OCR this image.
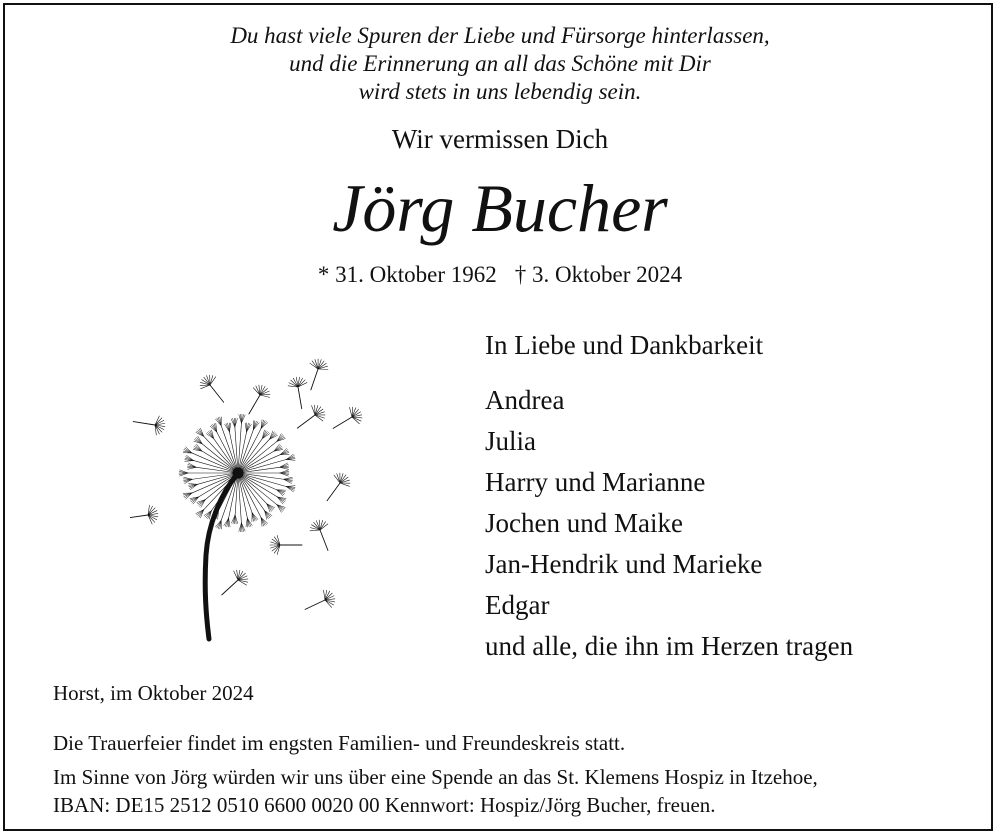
Du hast viele Spuren der Liebe und Fürsorge hinterlassen,
und die Erinnerung an all das Schöne mit Dir
wird stets in uns lebendig sein.
Wir vermissen Dich
Jörg Bucher
* 31. Oktober 1962 † 3. Oktober 2024
In Liebe und Dankbarkeit
Andrea
Julia
Harry und Marianne
Jochen und Maike
Jan-Hendrik und Marieke
Edgar
und alle, die ihn im Herzen tragen
Horst, im Oktober 2024
Die Trauerfeier findet im engsten Familien- und Freundeskreis statt.
Im Sinne von Jörg würden wir uns über eine Spende an das St. Klemens Hospiz in Itzehoe,
IBAN: DE15 2512 0510 6600 0020 00 Kennwort: Hospiz/Jörg Bucher, freuen.
